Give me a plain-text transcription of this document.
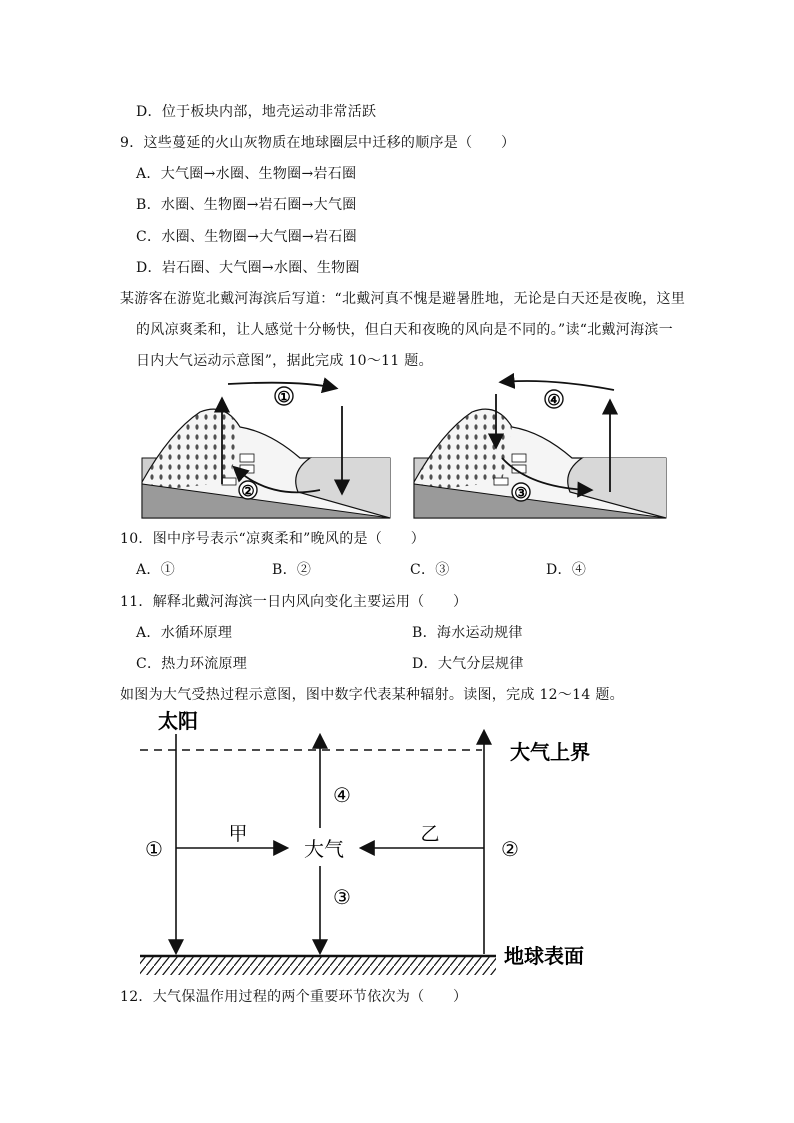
D．位于板块内部，地壳运动非常活跃
9．这些蔓延的火山灰物质在地球圈层中迁移的顺序是（　　）
A．大气圈→水圈、生物圈→岩石圈
B．水圈、生物圈→岩石圈→大气圈
C．水圈、生物圈→大气圈→岩石圈
D．岩石圈、大气圈→水圈、生物圈
某游客在游览北戴河海滨后写道：“北戴河真不愧是避暑胜地，无论是白天还是夜晚，这里
的风凉爽柔和，让人感觉十分畅快，但白天和夜晚的风向是不同的。”读“北戴河海滨一
日内大气运动示意图”，据此完成 10～11 题。
①
②
④
③
10．图中序号表示“凉爽柔和”晚风的是（　　）
A．①	B．②	C．③	D．④
11．解释北戴河海滨一日内风向变化主要运用（　　）
A．水循环原理	B．海水运动规律
C．热力环流原理	D．大气分层规律
如图为大气受热过程示意图，图中数字代表某种辐射。读图，完成 12～14 题。
太阳
大气上界
地球表面
大气
甲	乙
①	②
③
④
12．大气保温作用过程的两个重要环节依次为（　　）
